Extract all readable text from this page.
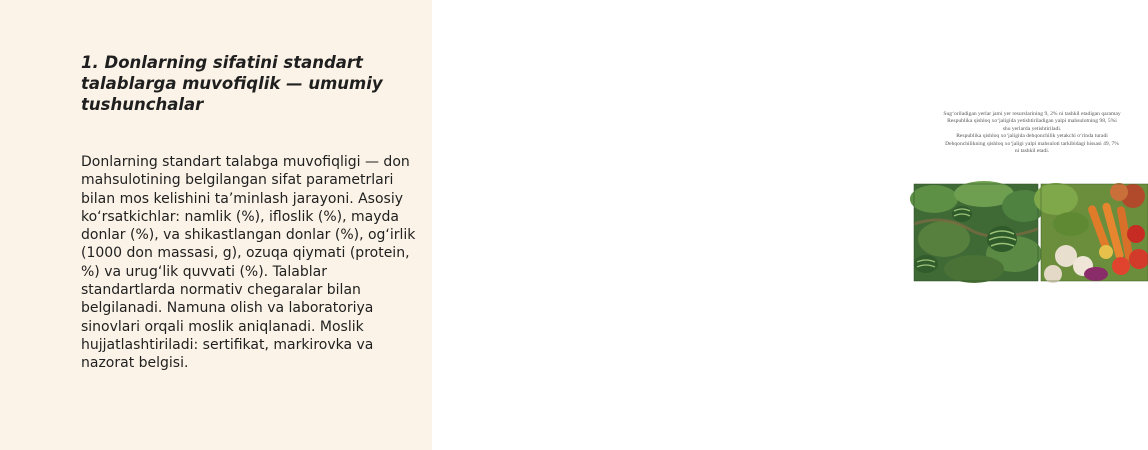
1. Donlarning sifatini standart talablarga muvofiqlik — umumiy tushunchalar

Donlarning standart talabga muvofiqligi — don mahsulotining belgilangan sifat parametrlari bilan mos kelishini ta’minlash jarayoni. Asosiy ko‘rsatkichlar: namlik (%), ifloslik (%), mayda donlar (%), va shikastlangan donlar (%), og‘irlik (1000 don massasi, g), ozuqa qiymati (protein, %) va urug‘lik quvvati (%). Talablar standartlarda normativ chegaralar bilan belgilanadi. Namuna olish va laboratoriya sinovlari orqali moslik aniqlanadi. Moslik hujjatlashtiriladi: sertifikat, markirovka va nazorat belgisi.

Sug‘oriladigan yerlar jami yer resurslarining 9, 2% ni tashkil etadigan qaramay
Respublika qishloq xo‘jaligida yetishtiriladigan yalpi mahsulotning 98, 5%i
shu yerlarda yetishtiriladi.
Respublika qishloq xo‘jaligida dehqonchilik yetakchi o‘rinda turadi
Dehqonchilikning qishloq xo‘jaligi yalpi mahsuloti tarkibidagi hissasi 49, 7%
ni tashkil etadi.
